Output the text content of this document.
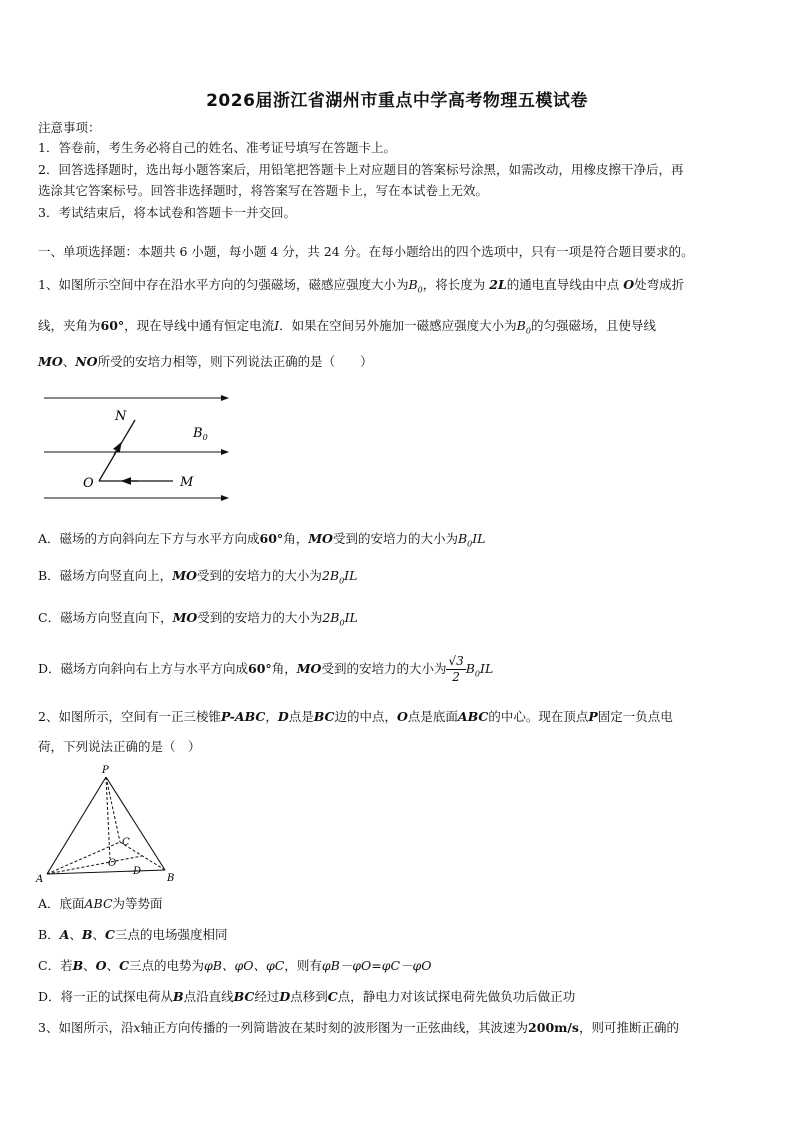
2026届浙江省湖州市重点中学高考物理五模试卷
注意事项：
1．答卷前，考生务必将自己的姓名、准考证号填写在答题卡上。
2．回答选择题时，选出每小题答案后，用铅笔把答题卡上对应题目的答案标号涂黑，如需改动，用橡皮擦干净后，再
选涂其它答案标号。回答非选择题时，将答案写在答题卡上，写在本试卷上无效。
3．考试结束后，将本试卷和答题卡一并交回。
一、单项选择题：本题共 6 小题，每小题 4 分，共 24 分。在每小题给出的四个选项中，只有一项是符合题目要求的。
1、如图所示空间中存在沿水平方向的匀强磁场，磁感应强度大小为$B_0$，将长度为 2L的通电直导线由中点 O处弯成折
线，夹角为60°，现在导线中通有恒定电流I．如果在空间另外施加一磁感应强度大小为$B_0$的匀强磁场，且使导线
MO、NO所受的安培力相等，则下列说法正确的是（　　）
N
$B_0$
O	M
A．磁场的方向斜向左下方与水平方向成60°角，MO受到的安培力的大小为$B_0IL$
B．磁场方向竖直向上，MO受到的安培力的大小为$2B_0IL$
C．磁场方向竖直向下，MO受到的安培力的大小为$2B_0IL$
D．磁场方向斜向右上方与水平方向成60°角，MO受到的安培力的大小为 $\frac{√3}{2} B_0IL$
2、如图所示，空间有一正三棱锥P-ABC，D点是BC边的中点，O点是底面ABC的中心。现在顶点P固定一负点电
荷，下列说法正确的是（　）
P
A	B
C
O
D
A．底面ABC为等势面
B．A、B、C三点的电场强度相同
C．若B、O、C三点的电势为φB、φO、φC，则有φB－φO=φC－φO
D．将一正的试探电荷从B点沿直线BC经过D点移到C点，静电力对该试探电荷先做负功后做正功
3、如图所示，沿x轴正方向传播的一列简谐波在某时刻的波形图为一正弦曲线，其波速为200m/s，则可推断正确的
